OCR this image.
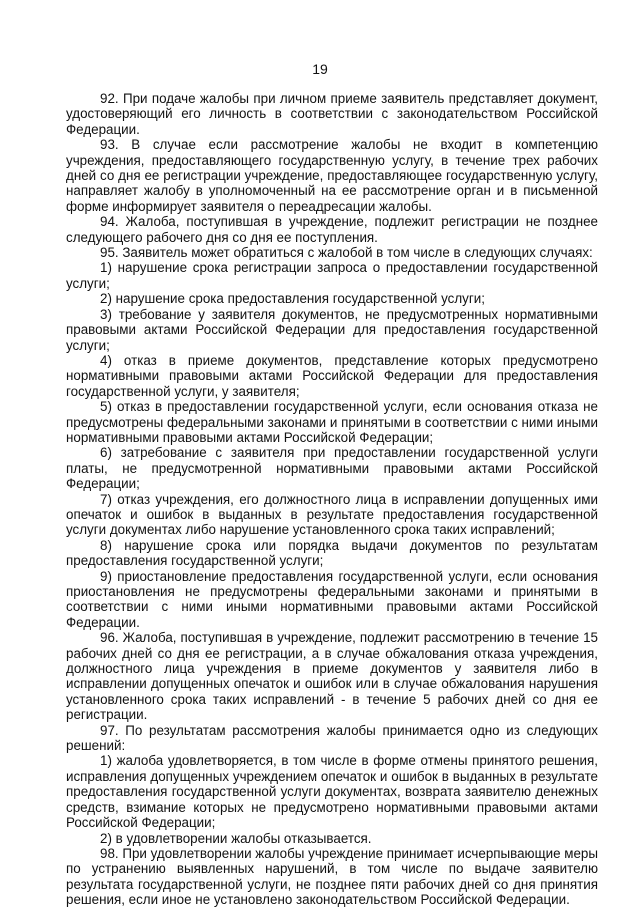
19

92. При подаче жалобы при личном приеме заявитель представляет документ, удостоверяющий его личность в соответствии с законодательством Российской Федерации.

93. В случае если рассмотрение жалобы не входит в компетенцию учреждения, предоставляющего государственную услугу, в течение трех рабочих дней со дня ее регистрации учреждение, предоставляющее государственную услугу, направляет жалобу в уполномоченный на ее рассмотрение орган и в письменной форме информирует заявителя о переадресации жалобы.

94. Жалоба, поступившая в учреждение, подлежит регистрации не позднее следующего рабочего дня со дня ее поступления.

95. Заявитель может обратиться с жалобой в том числе в следующих случаях:

1) нарушение срока регистрации запроса о предоставлении государственной услуги;

2) нарушение срока предоставления государственной услуги;

3) требование у заявителя документов, не предусмотренных нормативными правовыми актами Российской Федерации для предоставления государственной услуги;

4) отказ в приеме документов, представление которых предусмотрено нормативными правовыми актами Российской Федерации для предоставления государственной услуги, у заявителя;

5) отказ в предоставлении государственной услуги, если основания отказа не предусмотрены федеральными законами и принятыми в соответствии с ними иными нормативными правовыми актами Российской Федерации;

6) затребование с заявителя при предоставлении государственной услуги платы, не предусмотренной нормативными правовыми актами Российской Федерации;

7) отказ учреждения, его должностного лица в исправлении допущенных ими опечаток и ошибок в выданных в результате предоставления государственной услуги документах либо нарушение установленного срока таких исправлений;

8) нарушение срока или порядка выдачи документов по результатам предоставления государственной услуги;

9) приостановление предоставления государственной услуги, если основания приостановления не предусмотрены федеральными законами и принятыми в соответствии с ними иными нормативными правовыми актами Российской Федерации.

96. Жалоба, поступившая в учреждение, подлежит рассмотрению в течение 15 рабочих дней со дня ее регистрации, а в случае обжалования отказа учреждения, должностного лица учреждения в приеме документов у заявителя либо в исправлении допущенных опечаток и ошибок или в случае обжалования нарушения установленного срока таких исправлений - в течение 5 рабочих дней со дня ее регистрации.

97. По результатам рассмотрения жалобы принимается одно из следующих решений:

1) жалоба удовлетворяется, в том числе в форме отмены принятого решения, исправления допущенных учреждением опечаток и ошибок в выданных в результате предоставления государственной услуги документах, возврата заявителю денежных средств, взимание которых не предусмотрено нормативными правовыми актами Российской Федерации;

2) в удовлетворении жалобы отказывается.

98. При удовлетворении жалобы учреждение принимает исчерпывающие меры по устранению выявленных нарушений, в том числе по выдаче заявителю результата государственной услуги, не позднее пяти рабочих дней со дня принятия решения, если иное не установлено законодательством Российской Федерации.
